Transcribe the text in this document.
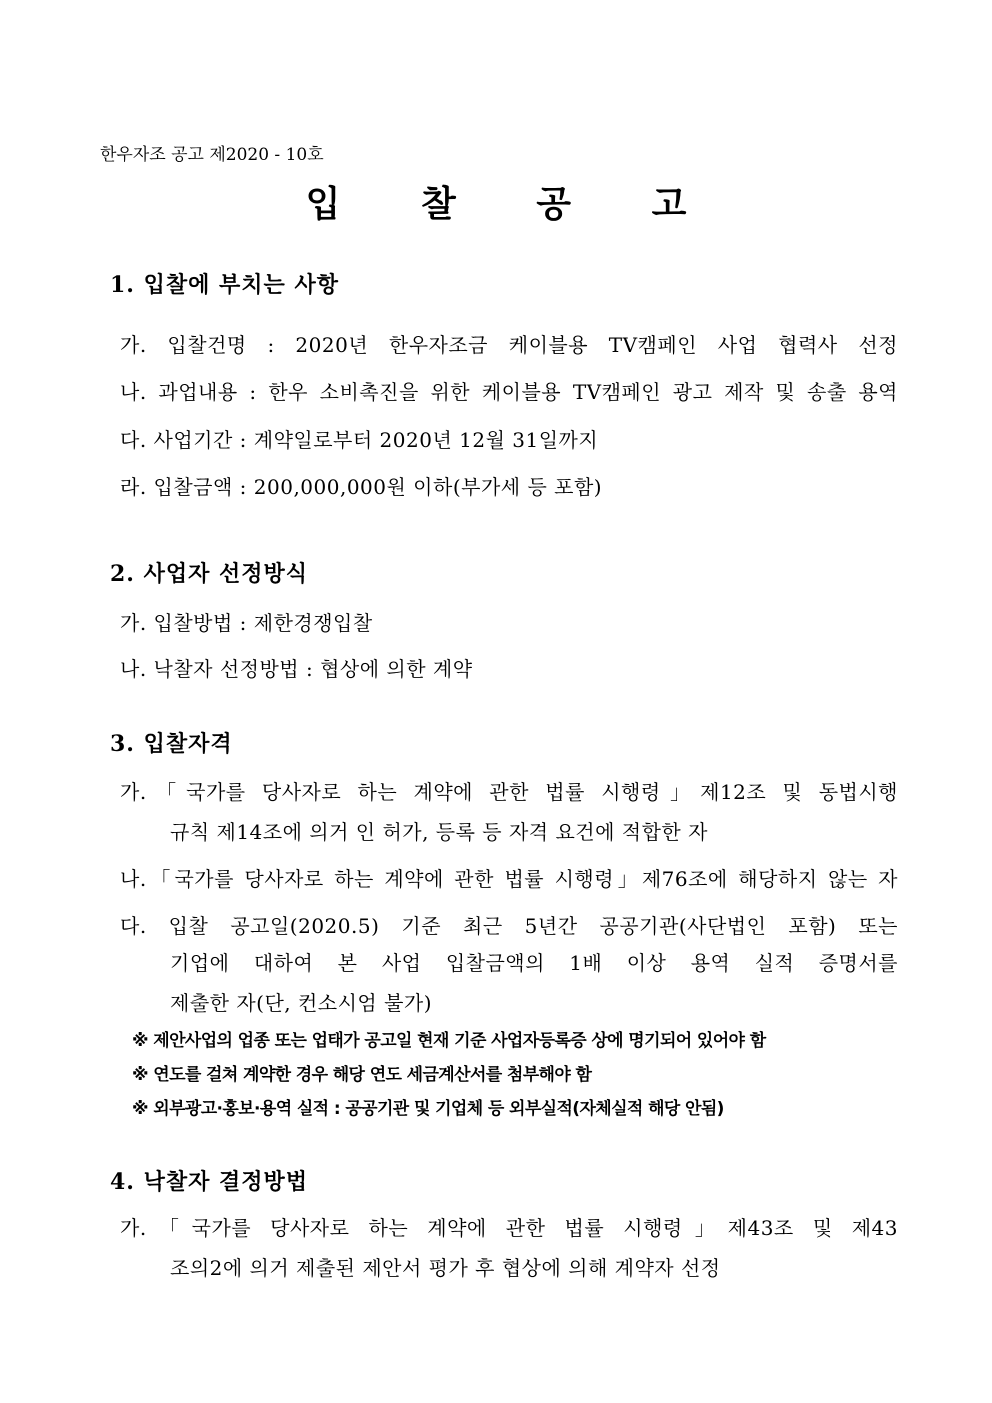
한우자조 공고 제2020 - 10호
입 찰 공 고
1. 입찰에 부치는 사항
가. 입찰건명 : 2020년 한우자조금 케이블용 TV캠페인 사업 협력사 선정
나. 과업내용 : 한우 소비촉진을 위한 케이블용 TV캠페인 광고 제작 및 송출 용역
다. 사업기간 : 계약일로부터 2020년 12월 31일까지
라. 입찰금액 : 200,000,000원 이하(부가세 등 포함)
2. 사업자 선정방식
가. 입찰방법 : 제한경쟁입찰
나. 낙찰자 선정방법 : 협상에 의한 계약
3. 입찰자격
가.「국가를 당사자로 하는 계약에 관한 법률 시행령」제12조 및 동법시행
규칙 제14조에 의거 인 허가, 등록 등 자격 요건에 적합한 자
나.「국가를 당사자로 하는 계약에 관한 법률 시행령」제76조에 해당하지 않는 자
다. 입찰 공고일(2020.5) 기준 최근 5년간 공공기관(사단법인 포함) 또는
기업에 대하여 본 사업 입찰금액의 1배 이상 용역 실적 증명서를
제출한 자(단, 컨소시엄 불가)
※ 제안사업의 업종 또는 업태가 공고일 현재 기준 사업자등록증 상에 명기되어 있어야 함
※ 연도를 걸쳐 계약한 경우 해당 연도 세금계산서를 첨부해야 함
※ 외부광고·홍보·용역 실적 : 공공기관 및 기업체 등 외부실적(자체실적 해당 안됨)
4. 낙찰자 결정방법
가.「국가를 당사자로 하는 계약에 관한 법률 시행령」제43조 및 제43
조의2에 의거 제출된 제안서 평가 후 협상에 의해 계약자 선정
